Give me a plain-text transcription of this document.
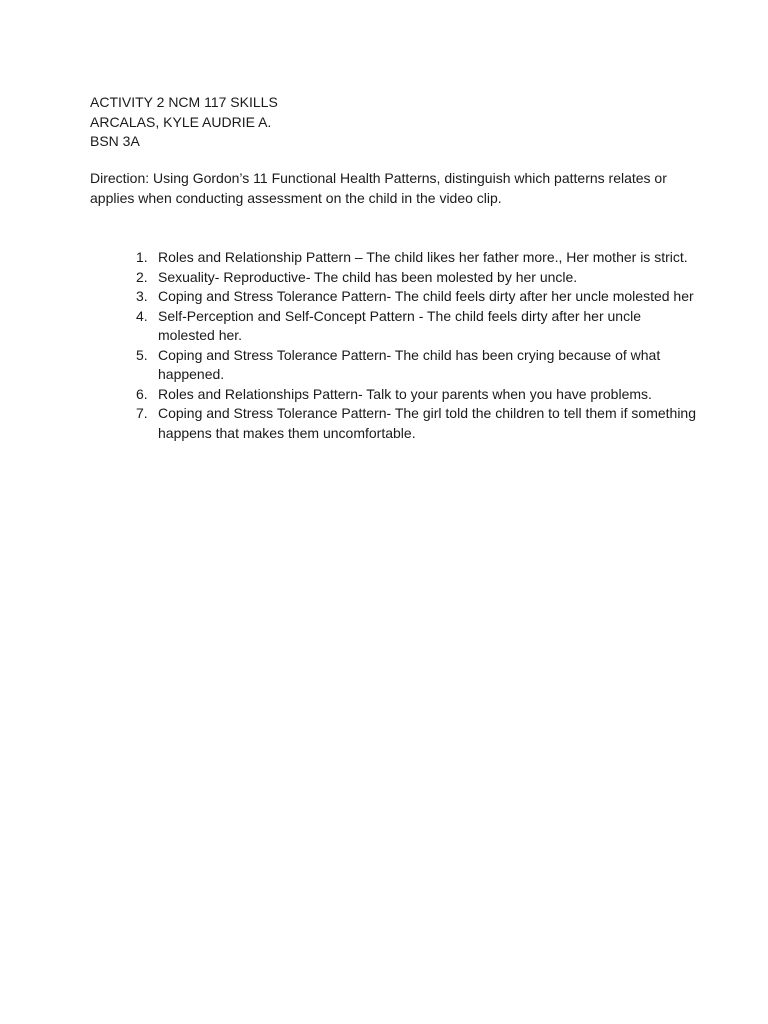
ACTIVITY 2 NCM 117 SKILLS
ARCALAS, KYLE AUDRIE A.
BSN 3A
Direction: Using Gordon’s 11 Functional Health Patterns, distinguish which patterns relates or applies when conducting assessment on the child in the video clip.
1. Roles and Relationship Pattern – The child likes her father more., Her mother is strict.
2. Sexuality- Reproductive- The child has been molested by her uncle.
3. Coping and Stress Tolerance Pattern- The child feels dirty after her uncle molested her
4. Self-Perception and Self-Concept Pattern - The child feels dirty after her uncle molested her.
5. Coping and Stress Tolerance Pattern- The child has been crying because of what happened.
6. Roles and Relationships Pattern- Talk to your parents when you have problems.
7. Coping and Stress Tolerance Pattern- The girl told the children to tell them if something happens that makes them uncomfortable.
